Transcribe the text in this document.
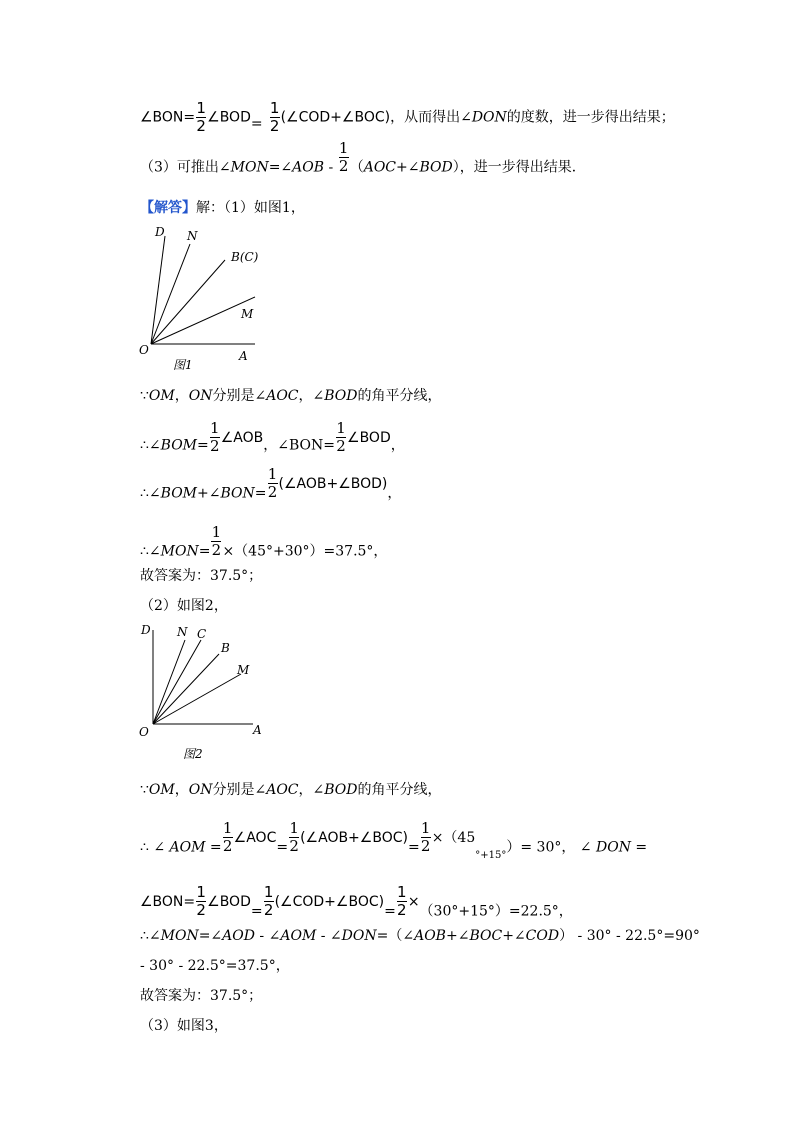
∠BON= $\frac{1}{2}$ ∠BOD= $\frac{1}{2}$ (∠COD+∠BOC)，从而得出∠DON的度数，进一步得出结果；
（3）可推出∠MON=∠AOB - $\frac{1}{2}$ （AOC+∠BOD），进一步得出结果．
【解答】解：（1）如图1，
D N
B(C)
M
O	A
图1
∵OM，ON分别是∠AOC，∠BOD的角平分线，
∴∠BOM= $\frac{1}{2}$ ∠AOB，∠BON= $\frac{1}{2}$ ∠BOD，
∴∠BOM+∠BON= $\frac{1}{2}$ (∠AOB+∠BOD)，
∴∠MON= $\frac{1}{2} \times(45^\circ+30^\circ)=37.5^\circ$，
故答案为：37.5°；
（2）如图2，
D N C
B
M
O	A
图2
∵OM，ON分别是∠AOC，∠BOD的角平分线，
∴ ∠ AOM = $\frac{1}{2}$ ∠AOC= $\frac{1}{2}$ (∠AOB+∠BOC)= $\frac{1}{2} \times(45_{^\circ+15^\circ})= 30^\circ$， ∠ DON =
∠BON= $\frac{1}{2}$ ∠BOD= $\frac{1}{2}$ (∠COD+∠BOC)= $\frac{1}{2} \times(30^\circ+15^\circ)=22.5^\circ$，
∴∠MON=∠AOD - ∠AOM - ∠DON=（∠AOB+∠BOC+∠COD） - 30° - 22.5°=90°
- 30° - 22.5°=37.5°，
故答案为：37.5°；
（3）如图3，
